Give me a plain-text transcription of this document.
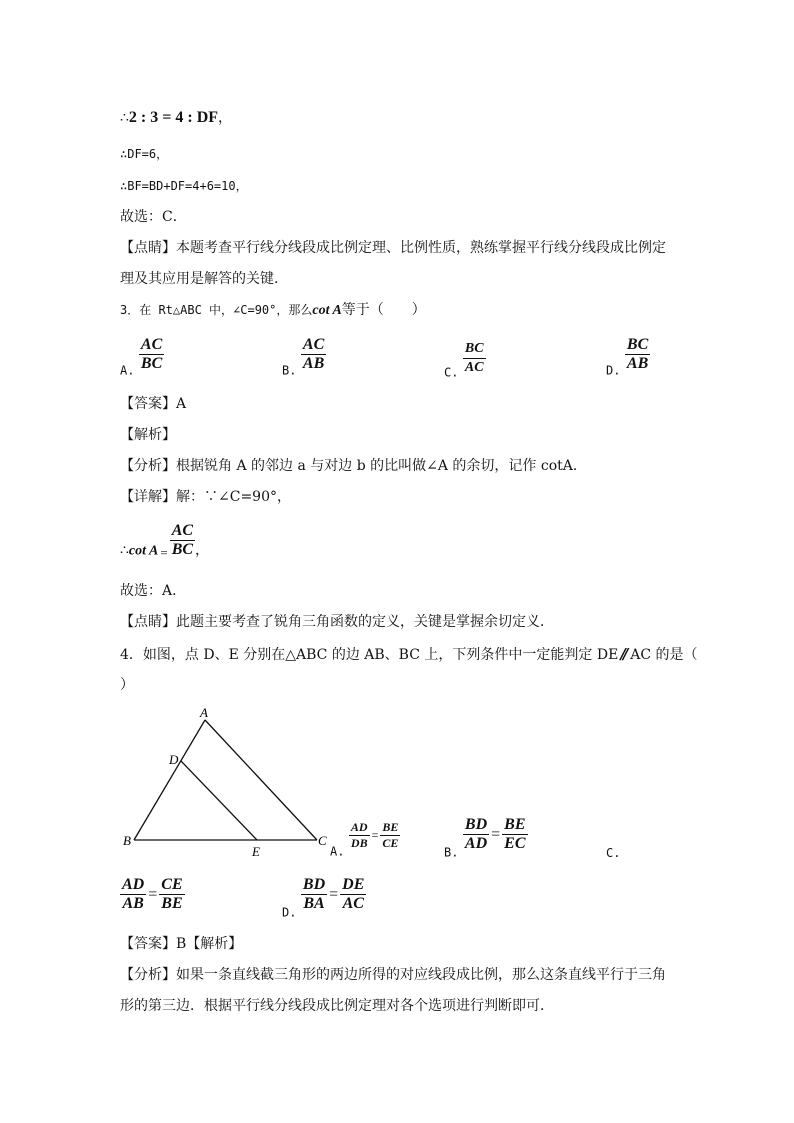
∴2 : 3 = 4 : DF，
∴DF=6，
∴BF=BD+DF=4+6=10，
故选：C．
【点睛】本题考查平行线分线段成比例定理、比例性质，熟练掌握平行线分线段成比例定
理及其应用是解答的关键．
3．在 Rt△ABC 中，∠C=90°，那么cot A等于（　　）
A. $\frac{AC}{BC}$	B. $\frac{AC}{AB}$	C. $\frac{BC}{AC}$	D. $\frac{BC}{AB}$
【答案】A
【解析】
【分析】根据锐角 A 的邻边 a 与对边 b 的比叫做∠A 的余切，记作 cotA．
【详解】解：∵∠C=90°，
∴cot $A = \frac{AC}{BC}$ ，
故选：A．
【点睛】此题主要考查了锐角三角函数的定义，关键是掌握余切定义．
4．如图，点 D、E 分别在△ABC 的边 AB、BC 上，下列条件中一定能判定 DE // AC 的是（
）
A
D
B
E
C
A.
$\frac{AD}{DB} = \frac{BE}{CE}$
B. $\frac{BD}{AD} = \frac{BE}{EC}$	C.
$\frac{AD}{AB} = \frac{CE}{BE}$	D. $\frac{BD}{BA} = \frac{DE}{AC}$
【答案】B【解析】
【分析】如果一条直线截三角形的两边所得的对应线段成比例，那么这条直线平行于三角
形的第三边．根据平行线分线段成比例定理对各个选项进行判断即可．
